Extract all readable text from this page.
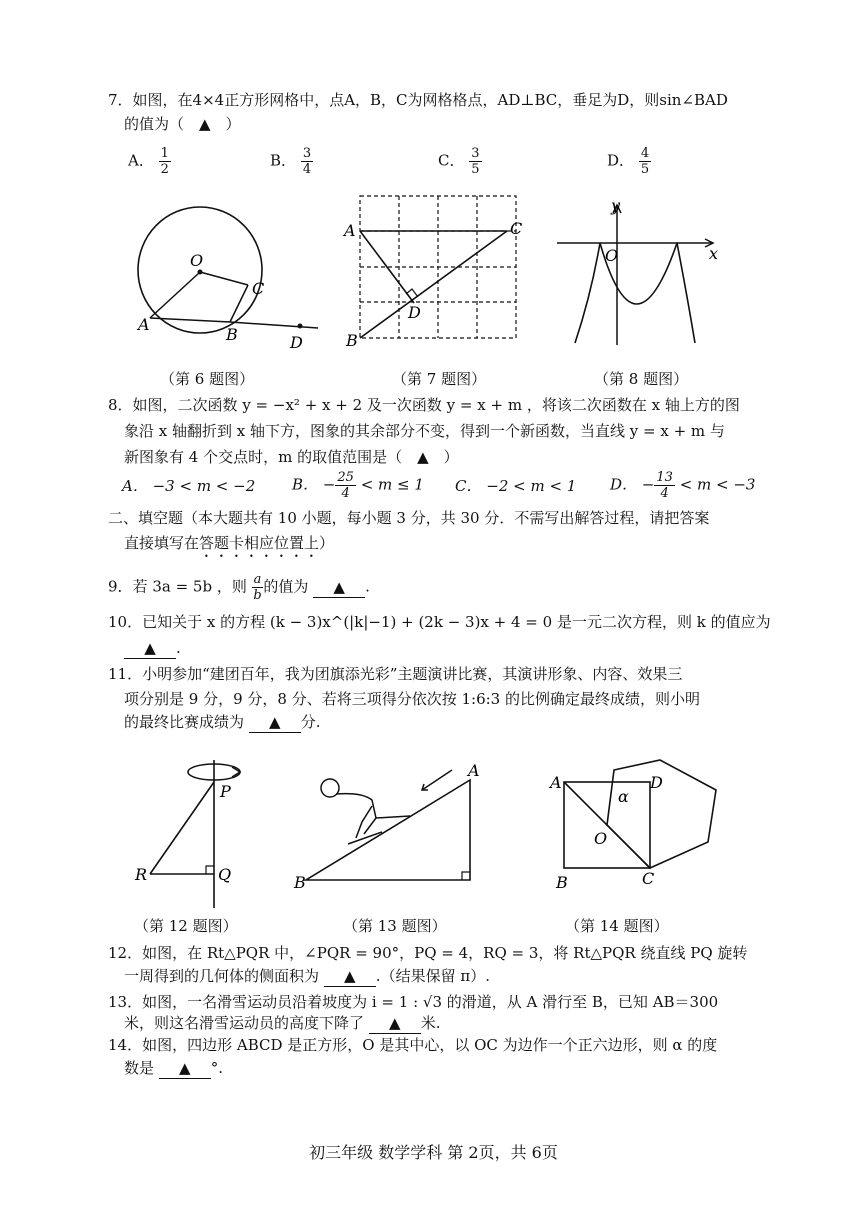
7．如图，在4×4正方形网格中，点A，B，C为网格格点，AD⊥BC，垂足为D，则sin∠BAD
的值为（　▲　）
A． $\frac{1}{2}$	B． $\frac{3}{4}$	C． $\frac{3}{5}$	D． $\frac{4}{5}$
O
C
A
B	D
（第 6 题图）
A	C
D
B
（第 7 题图）
y
O	x
（第 8 题图）
8．如图，二次函数 y = −x² + x + 2 及一次函数 y = x + m ，将该二次函数在 x 轴上方的图
象沿 x 轴翻折到 x 轴下方，图象的其余部分不变，得到一个新函数，当直线 y = x + m 与
新图象有 4 个交点时，m 的取值范围是（　▲　）
A． −3 < m < −2 B． − $\frac{25}{4} < m \le 1$ C． −2 < m < 1 D． − $\frac{13}{4} < m < -3$
二、填空题（本大题共有 10 小题，每小题 3 分，共 30 分．不需写出解答过程，请把答案
直接填写在答题卡相应位置上）
9．若 3a = 5b ，则 $\frac{a}{b}$ 的值为 ▲ .
10．已知关于 x 的方程 (k − 3)x^(|k|−1) + (2k − 3)x + 4 = 0 是一元二次方程，则 k 的值应为
▲ .
11．小明参加“建团百年，我为团旗添光彩”主题演讲比赛，其演讲形象、内容、效果三
项分别是 9 分，9 分，8 分、若将三项得分依次按 1:6:3 的比例确定最终成绩，则小明
的最终比赛成绩为 ▲ 分.
P
R	Q
（第 12 题图）
A
B
（第 13 题图）
A	D
α
O
B	C
（第 14 题图）
12．如图，在 Rt△PQR 中，∠PQR = 90°，PQ = 4，RQ = 3，将 Rt△PQR 绕直线 PQ 旋转
一周得到的几何体的侧面积为 ▲ .（结果保留 π）.
13．如图，一名滑雪运动员沿着坡度为 i = 1 : √3 的滑道，从 A 滑行至 B，已知 AB＝300
米，则这名滑雪运动员的高度下降了 ▲ 米.
14．如图，四边形 ABCD 是正方形，O 是其中心，以 OC 为边作一个正六边形，则 α 的度
数是 ▲ °.
初三年级 数学学科 第 2页，共 6页
